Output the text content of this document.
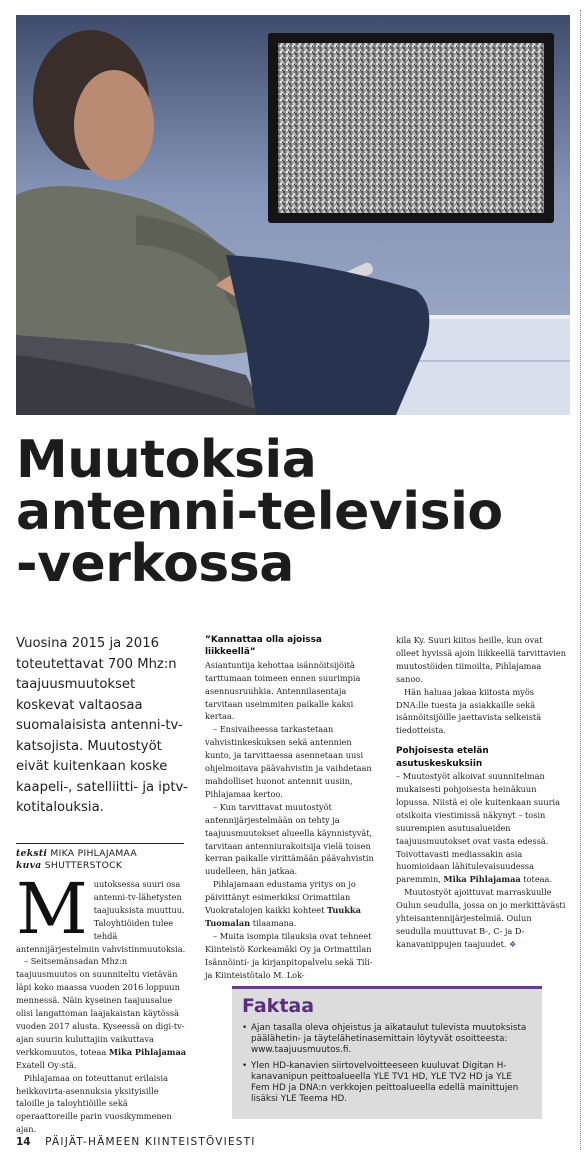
Muutoksia
antenni-televisio
-verkossa

Vuosina 2015 ja 2016 toteutettavat 700 Mhz:n taajuusmuutokset koskevat valtaosaa suomalaisista antenni-tv-katsojista. Muutostyöt eivät kuitenkaan koske kaapeli-, satelliitti- ja iptv-kotitalouksia.

teksti MIKA PIHLAJAMAA
kuva SHUTTERSTOCK
M uutoksessa suuri osa antenni-tv-lähetysten taajuuksista muuttuu. Taloyhtiöiden tulee tehdä antennijärjestelmiin vahvistinmuutoksia.

– Seitsemänsadan Mhz:n taajuusmuutos on suunniteltu vietävän läpi koko maassa vuoden 2016 loppuun mennessä. Näin kyseinen taajuusalue olisi langattoman laajakaistan käytössä vuoden 2017 alusta. Kyseessä on digi-tv-ajan suurin kuluttajiin vaikuttava verkkomuutos, toteaa Mika Pihlajamaa Exatell Oy:stä.

Pihlajamaa on toteuttanut erilaisia heikkovirta-asennuksia yksityisille taloille ja taloyhtiöille sekä operaattoreille parin vuosikymmenen ajan.

”Kannattaa olla ajoissa liikkeellä”

Asiantuntija kehottaa isännöitsijöitä tarttumaan toimeen ennen suurimpia asennusruuhkia. Antennilasentaja tarvitaan useimmiten paikalle kaksi kertaa.

– Ensivaiheessa tarkastetaan vahvistinkeskuksen sekä antennien kunto, ja tarvittaessa asennetaan uusi ohjelmoitava päävahvistin ja vaihdetaan mahdolliset huonot antennit uusiin, Pihlajamaa kertoo.

– Kun tarvittavat muutostyöt antennijärjestelmään on tehty ja taajuusmuutokset alueella käynnistyvät, tarvitaan antenniurakoitsija vielä toisen kerran paikalle virittämään päävahvistin uudelleen, hän jatkaa.

Pihlajamaan edustama yritys on jo päivittänyt esimerkiksi Orimattilan Vuokratalojen kaikki kohteet Tuukka Tuomalan tilaamana.

– Muita isompia tilauksia ovat tehneet Kiinteistö Korkeamäki Oy ja Orimattilan Isännöinti- ja kirjanpitopalvelu sekä Tili- ja Kiinteistötalo M. Lok-

kila Ky. Suuri kiitos heille, kun ovat olleet hyvissä ajoin liikkeellä tarvittavien muutostöiden tiimoilta, Pihlajamaa sanoo.

Hän haluaa jakaa kiitosta myös DNA:lle tuesta ja asiakkaille sekä isännöitsijöille jaettavista selkeistä tiedotteista.

Pohjoisesta etelän asutuskeskuksiin

– Muutostyöt alkoivat suunnitelman mukaisesti pohjoisesta heinäkuun lopussa. Niistä ei ole kuitenkaan suuria otsikoita viestimissä näkynyt – tosin suurempien asutusalueiden taajuusmuutokset ovat vasta edessä. Toivottavasti mediassakin asia huomioidaan lähitulevaisuudessa paremmin, Mika Pihlajamaa toteaa.

Muutostyöt ajoittuvat marraskuulle Oulun seudulla, jossa on jo merkittävästi yhteisantennijärjestelmiä. Oulun seudulla muuttuvat B-, C- ja D-kanavanippujen taajuudet. ❖

Faktaa
• Ajan tasalla oleva ohjeistus ja aikataulut tulevista muutoksista päälähetin- ja täytelähetinasemittain löytyvät osoitteesta: www.taajuusmuutos.fi.
• Ylen HD-kanavien siirtovelvoitteeseen kuuluvat Digitan H-kanavanipun peittoalueella YLE TV1 HD, YLE TV2 HD ja YLE Fem HD ja DNA:n verkkojen peittoalueella edellä mainittujen lisäksi YLE Teema HD.
14 PÄIJÄT-HÄMEEN KIINTEISTÖVIESTI
